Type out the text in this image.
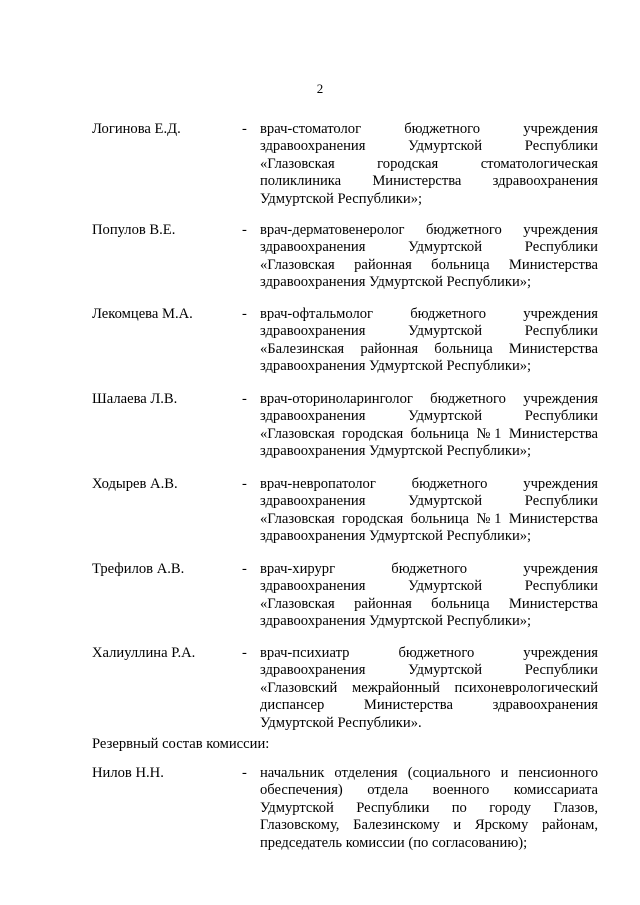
2
Логинова Е.Д.	- врач-стоматолог бюджетного учреждения здравоохранения Удмуртской Республики «Глазовская городская стоматологическая поликлиника Министерства здравоохранения Удмуртской Республики»;
Популов В.Е.	- врач-дерматовенеролог бюджетного учреждения здравоохранения Удмуртской Республики «Глазовская районная больница Министерства здравоохранения Удмуртской Республики»;
Лекомцева М.А.	- врач-офтальмолог бюджетного учреждения здравоохранения Удмуртской Республики «Балезинская районная больница Министерства здравоохранения Удмуртской Республики»;
Шалаева Л.В.	- врач-оториноларинголог бюджетного учреждения здравоохранения Удмуртской Республики «Глазовская городская больница №1 Министерства здравоохранения Удмуртской Республики»;
Ходырев А.В.	- врач-невропатолог бюджетного учреждения здравоохранения Удмуртской Республики «Глазовская городская больница №1 Министерства здравоохранения Удмуртской Республики»;
Трефилов А.В.	- врач-хирург бюджетного учреждения здравоохранения Удмуртской Республики «Глазовская районная больница Министерства здравоохранения Удмуртской Республики»;
Халиуллина Р.А.	- врач-психиатр бюджетного учреждения здравоохранения Удмуртской Республики «Глазовский межрайонный психоневрологический диспансер Министерства здравоохранения Удмуртской Республики».
Резервный состав комиссии:
Нилов Н.Н.	- начальник отделения (социального и пенсионного обеспечения) отдела военного комиссариата Удмуртской Республики по городу Глазов, Глазовскому, Балезинскому и Ярскому районам, председатель комиссии (по согласованию);
